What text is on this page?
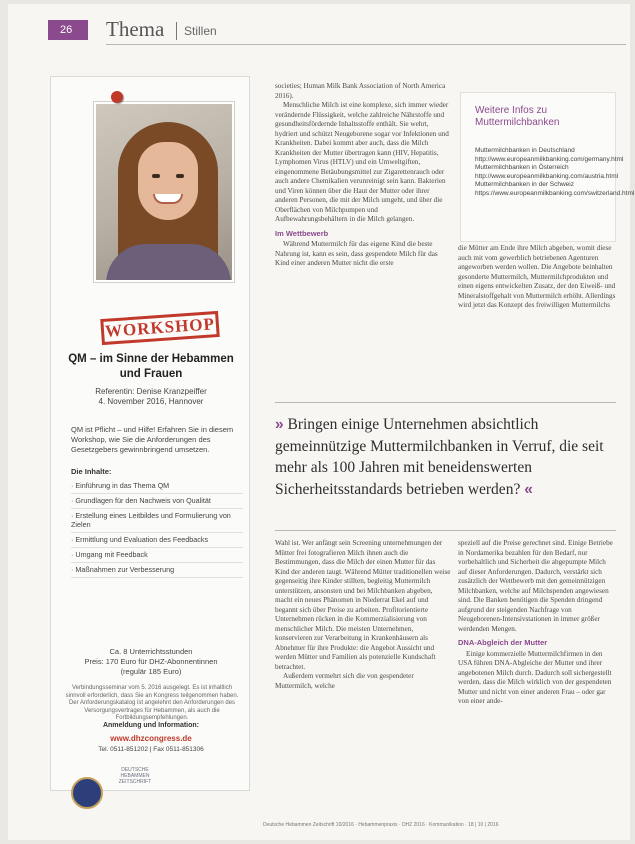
26	Thema Stillen
WORKSHOP
QM – im Sinne der Hebammen und Frauen
Referentin: Denise Kranzpeiffer
4. November 2016, Hannover
QM ist Pflicht – und Hilfe! Erfahren Sie in diesem Workshop, wie Sie die Anforderungen des Gesetzgebers gewinnbringend umsetzen.
Die Inhalte:
· Einführung in das Thema QM
· Grundlagen für den Nachweis von Qualität
· Erstellung eines Leitbildes und Formulierung von Zielen
· Ermittlung und Evaluation des Feedbacks
· Umgang mit Feedback
· Maßnahmen zur Verbesserung
Ca. 8 Unterrichtsstunden
Preis: 170 Euro für DHZ-Abonnentinnen
(regulär 185 Euro)
Verbindungsseminar vom 5. 2016 ausgelegt. Es ist inhaltlich sinnvoll erforderlich, dass Sie an Kongress teilgenommen haben. Der Anforderungskatalog ist angelehnt den Anforderungen des Versorgungsvertrages für Hebammen, als auch die Fortbildungsempfehlungen.
Anmeldung und Information:
www.dhzcongress.de
Tel. 0511-851202 | Fax 0511-851306
DEUTSCHE HEBAMMEN ZEITSCHRIFT

societies; Human Milk Bank Association of North America 2016).

Menschliche Milch ist eine komplexe, sich immer wieder verändernde Flüssigkeit, welche zahlreiche Nährstoffe und gesundheitsfördernde Inhaltsstoffe enthält. Sie wehrt, hydriert und schützt Neugeborene sogar vor Infektionen und Krankheiten. Dabei kommt aber auch, dass die Milch Krankheiten der Mutter übertragen kann (HIV, Hepatitis, Lymphomen Virus (HTLV) und ein Umweltgiften, eingenommene Betäubungsmittel zur Zigarettenrauch oder auch andere Chemikalien verunreinigt sein kann. Bakterien und Viren können über die Haut der Mutter oder ihrer anderen Personen, die mit der Milch umgeht, und über die Oberflächen von Milchpumpen und Aufbewahrungsbehältern in die Milch gelangen.

Im Wettbewerb

Während Muttermilch für das eigene Kind die beste Nahrung ist, kann es sein, dass gespendete Milch für das Kind einer anderen Mutter nicht die erste

Weitere Infos zu Muttermilchbanken
Muttermilchbanken in Deutschland
http://www.europeanmilkbanking.com/germany.html
Muttermilchbanken in Österreich
http://www.europeanmilkbanking.com/austria.html
Muttermilchbanken in der Schweiz
https://www.europeanmilkbanking.com/switzerland.html

die Mütter am Ende ihre Milch abgeben, womit diese auch mit vom gewerblich betriebenen Agenturen angeworben werden wollen. Die Angebote beinhalten gesonderte Muttermilch, Muttermilchprodukten und einen eigens entwickelten Zusatz, der den Eiweiß- und Mineralstoffgehalt von Muttermilch erhöht. Allerdings wird jetzt das Konzept des freiwilligen Muttermilchs

» Bringen einige Unternehmen absichtlich gemeinnützige Muttermilchbanken in Verruf, die seit mehr als 100 Jahren mit beneidenswerten Sicherheitsstandards betrieben werden? «

Wahl ist. Wer anfängt sein Screening unternehmungen der Mütter frei fotografieren Milch ihnen auch die Bestimmungen, dass die Milch der einen Mutter für das Kind der anderen taugt. Während Mütter traditionellen weise gegenseitig ihre Kinder stillten, begleitig Muttermilch unterstützen, ansonsten und bei Milchbanken abgeben, macht ein neues Phänomen in Niederrat Ekel auf und begannt sich über Preise zu arbeiten. Profitorientierte Unternehmen rücken in die Kommerzialisierung von menschlicher Milch. Die meisten Unternehmen, konservieren zur Verarbeitung in Krankenhäusern als Abnehmer für ihre Produkte: die Angebot Aussicht und werden Mütter und Familien als potenzielle Kundschaft betrachtet.

Außerdem vermehrt sich die von gespendeter Muttermilch, welche

speziell auf die Preise gerechnet sind. Einige Betriebe in Nordamerika bezahlen für den Bedarf, nur vorbehaltlich und Sicherheit die abgepumpte Milch auf dieser Anforderungen. Dadurch, verstärkt sich zusätzlich der Wettbewerb mit den gemeinnützigen Milchbanken, welche auf Milchspenden angewiesen sind. Die Banken benötigen die Spenden dringend aufgrund der steigenden Nachfrage von Neugeborenen-Intensivstationen in immer größer werdenden Mengen.

DNA-Abgleich der Mutter

Einige kommerzielle Muttermilchfirmen in den USA führen DNA-Abgleiche der Mutter und ihrer angebotenen Milch durch. Dadurch soll sichergestellt werden, dass die Milch wirklich von der gespendeten Mutter und nicht von einer anderen Frau – oder gar von einer ande-

Deutsche Hebammen Zeitschrift 10/2016 · Hebammenpraxis · DHZ 2016 · Kommunikation · 18 | 10 | 2016
